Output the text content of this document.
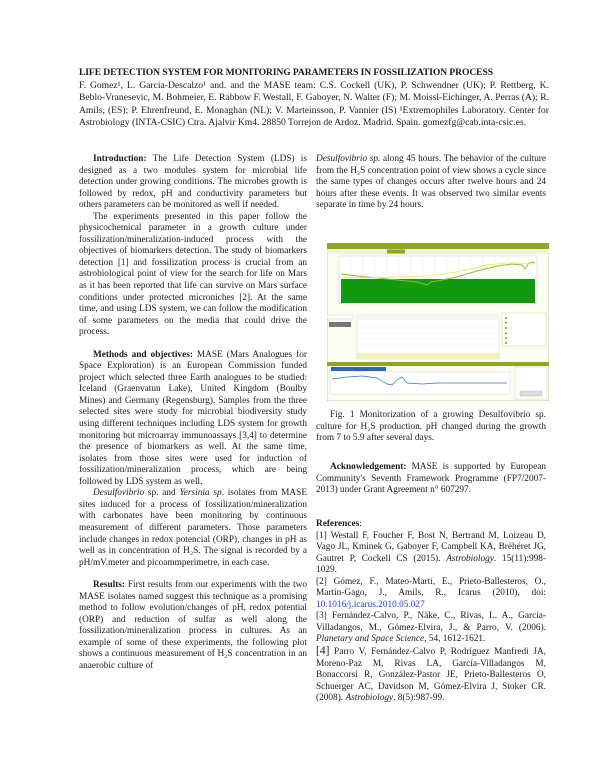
LIFE DETECTION SYSTEM FOR MONITORING PARAMETERS IN FOSSILIZATION PROCESS
F. Gomez¹, L. Garcia-Descalzo¹ and. and the MASE team: C.S. Cockell (UK), P. Schwendner (UK); P. Rettberg, K. Beblo-Vranesevic, M. Bohmeier, E. Rabbow F. Westall, F. Gaboyer, N. Walter (F); M. Moissl-Eichinger, A. Perras (A); R. Amils, (ES); P. Ehrenfreund, E. Monaghan (NL); V. Marteinsson, P. Vannier (IS) ¹Extremophiles Laboratory. Center for Astrobiology (INTA-CSIC) Ctra. Ajalvir Km4. 28850 Torrejon de Ardoz. Madrid. Spain. gomezfg@cab.inta-csic.es.

Introduction: The Life Detection System (LDS) is designed as a two modules system for microbial life detection under growing conditions. The microbes growth is followed by redox, pH and conductivity parameters but others parameters can be monitored as well if needed.

The experiments presented in this paper follow the physicochemical parameter in a growth culture under fossilization/mineralization-induced process with the objectives of biomarkers detection. The study of biomarkers detection [1] and fossilization process is crucial from an astrobiological point of view for the search for life on Mars as it has been reported that life can survive on Mars surface conditions under protected microniches [2]. At the same time, and using LDS system, we can follow the modification of some parameters on the media that could drive the process.

Methods and objectives: MASE (Mars Analogues for Space Exploration) is an European Commission funded project which selected three Earth analogues to be studied: Iceland (Graenvatun Lake), United Kingdom (Boulby Mines) and Germany (Regensburg). Samples from the three selected sites were study for microbial biodiversity study using different techniques including LDS system for growth monitoring but microarray immunoassays [3,4] to determine the presence of biomarkers as well. At the same time, isolates from those sites were used for induction of fossilization/mineralization process, which are being followed by LDS system as well.

Desulfovibrio sp. and Yersinia sp. isolates from MASE sites induced for a process of fossilization/mineralization with carbonates have been monitoring by continuous measurement of different parameters. Those parameters include changes in redox potencial (ORP), changes in pH as well as in concentration of H₂S. The signal is recorded by a pH/mV.meter and picoammperimetre, in each case.

Results: First results from our experiments with the two MASE isolates named suggest this technique as a promising method to follow evolution/changes of pH, redox potential (ORP) and reduction of sulfar as well along the fossilization/mineralization process in cultures. As an example of some of these experiments, the following plot shows a continuous measurement of H₂S concentration in an anaerobic culture of

Desulfovibrio sp. along 45 hours. The behavior of the culture from the H₂S concentration point of view shows a cycle since the same types of changes occurs after twelve hours and 24 hours after these events. It was observed two similar events separate in time by 24 hours.

Fig. 1 Monitorization of a growing Desulfovibrio sp. culture for H₂S production. pH changed during the growth from 7 to 5.9 after several days.

Acknowledgement: MASE is supported by European Community's Seventh Framework Programme (FP7/2007-2013) under Grant Agreement n° 607297.

References:

[1] Westall F, Foucher F, Bost N, Bertrand M, Loizeau D, Vago JL, Kminek G, Gaboyer F, Campbell KA, Bréhéret JG, Gautret P, Cockell CS (2015). Astrobiology. 15(11):998-1029.

[2] Gómez, F., Mateo-Martí, E., Prieto-Ballesteros, O., Martín-Gago, J., Amils, R., Icarus (2010), doi: 10.1016/j.icarus.2010.05.027

[3] Fernández-Calvo, P., Näke, C., Rivas, L. A., García-Villadangos, M., Gómez-Elvira, J., & Parro, V. (2006). Planetary and Space Science, 54, 1612-1621.

[4] Parro V, Fernández-Calvo P, Rodríguez Manfredi JA, Moreno-Paz M, Rivas LA, García-Villadangos M, Bonaccorsi R, González-Pastor JE, Prieto-Ballesteros O, Schuerger AC, Davidson M, Gómez-Elvira J, Stoker CR. (2008). Astrobiology. 8(5):987-99.
